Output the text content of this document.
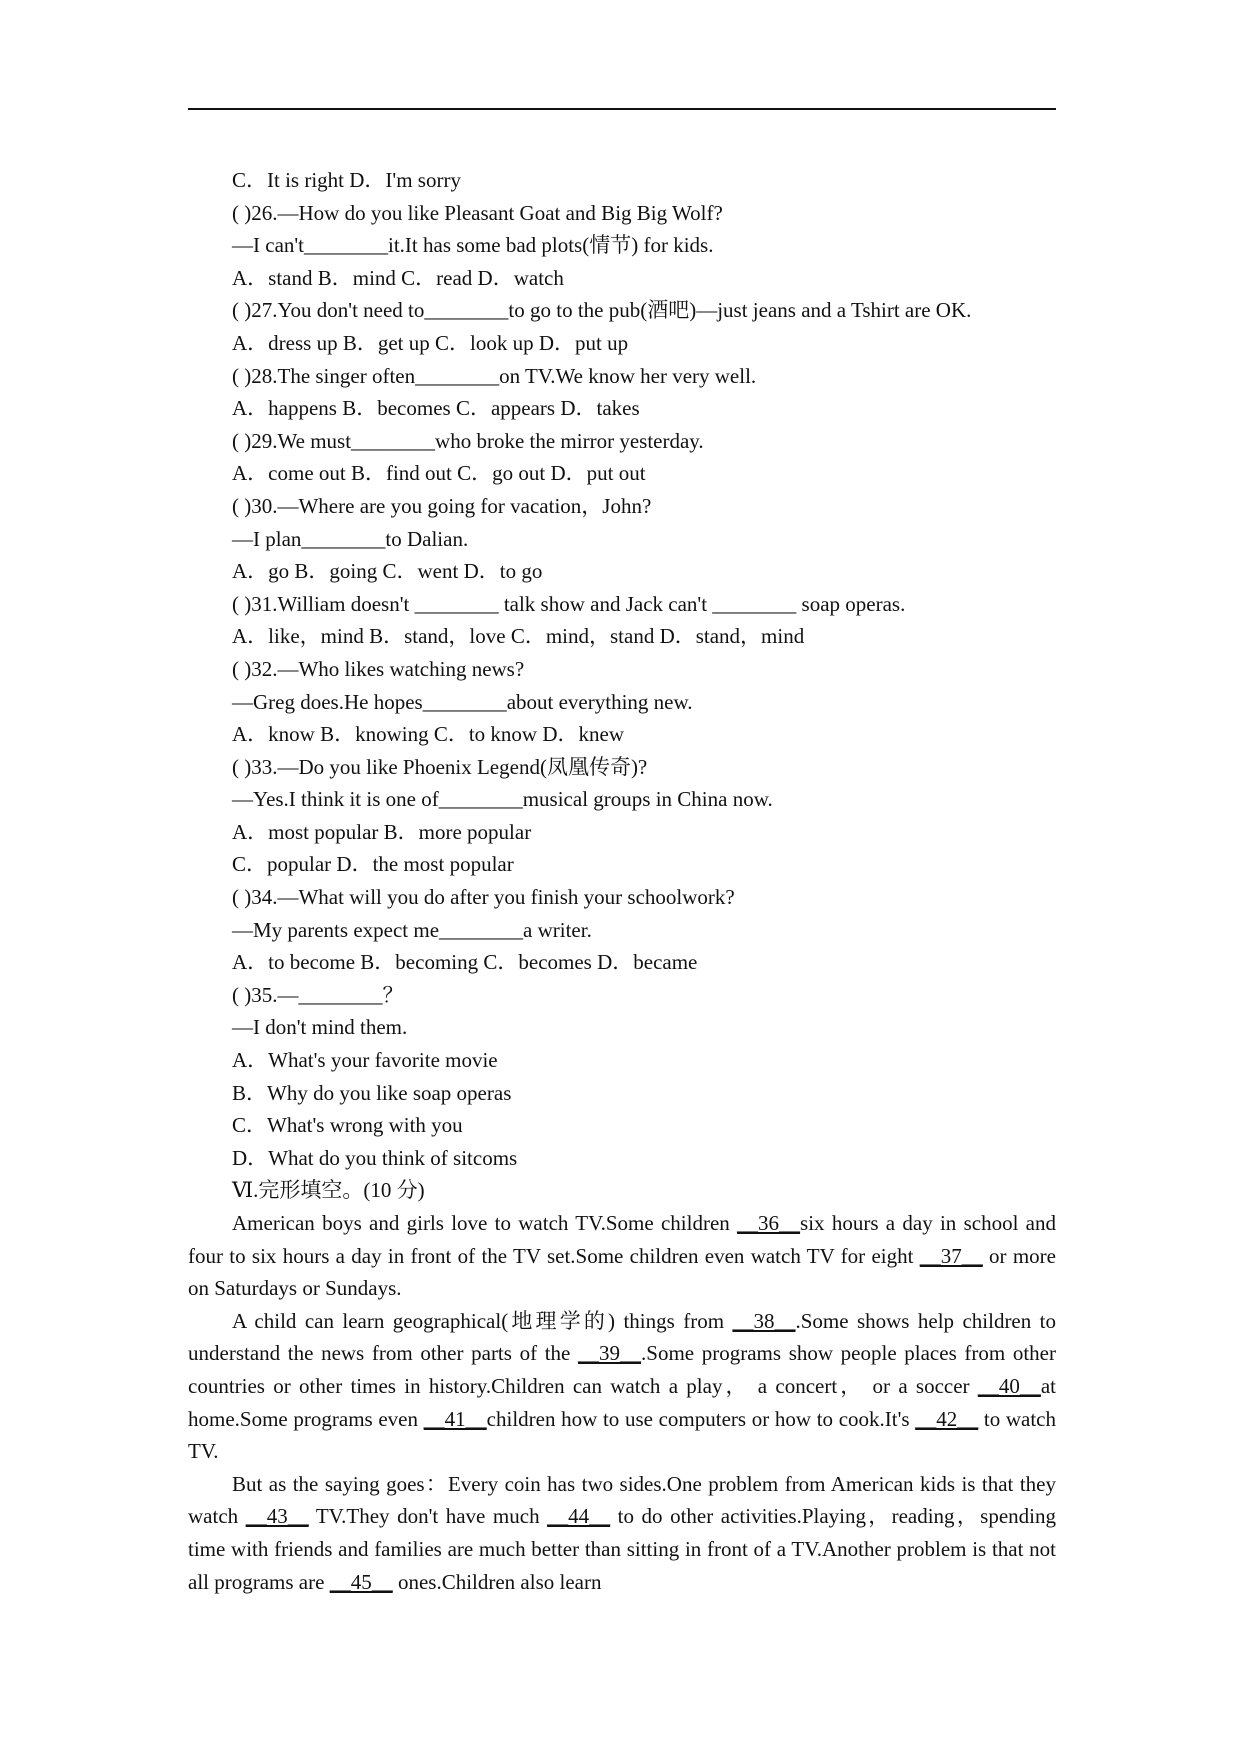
C．It is right D．I'm sorry
( )26.—How do you like Pleasant Goat and Big Big Wolf?
—I can't________it.It has some bad plots(情节) for kids.
A．stand B．mind C．read D．watch
( )27.You don't need to________to go to the pub(酒吧)—just jeans and a Tshirt are OK.
A．dress up B．get up C．look up D．put up
( )28.The singer often________on TV.We know her very well.
A．happens B．becomes C．appears D．takes
( )29.We must________who broke the mirror yesterday.
A．come out B．find out C．go out D．put out
( )30.—Where are you going for vacation，John?
—I plan________to Dalian.
A．go B．going C．went D．to go
( )31.William doesn't ________ talk show and Jack can't ________ soap operas.
A．like，mind B．stand，love C．mind，stand D．stand，mind
( )32.—Who likes watching news?
—Greg does.He hopes________about everything new.
A．know B．knowing C．to know D．knew
( )33.—Do you like Phoenix Legend(凤凰传奇)?
—Yes.I think it is one of________musical groups in China now.
A．most popular B．more popular
C．popular D．the most popular
( )34.—What will you do after you finish your schoolwork?
—My parents expect me________a writer.
A．to become B．becoming C．becomes D．became
( )35.—________？
—I don't mind them.
A．What's your favorite movie
B．Why do you like soap operas
C．What's wrong with you
D．What do you think of sitcoms
Ⅵ.完形填空。(10 分)

American boys and girls love to watch TV.Some children __36__six hours a day in school and four to six hours a day in front of the TV set.Some children even watch TV for eight __37__ or more on Saturdays or Sundays.

A child can learn geographical(地理学的) things from __38__.Some shows help children to understand the news from other parts of the __39__.Some programs show people places from other countries or other times in history.Children can watch a play， a concert， or a soccer __40__at home.Some programs even __41__children how to use computers or how to cook.It's __42__ to watch TV.

But as the saying goes：Every coin has two sides.One problem from American kids is that they watch __43__ TV.They don't have much __44__ to do other activities.Playing，reading，spending time with friends and families are much better than sitting in front of a TV.Another problem is that not all programs are __45__ ones.Children also learn
